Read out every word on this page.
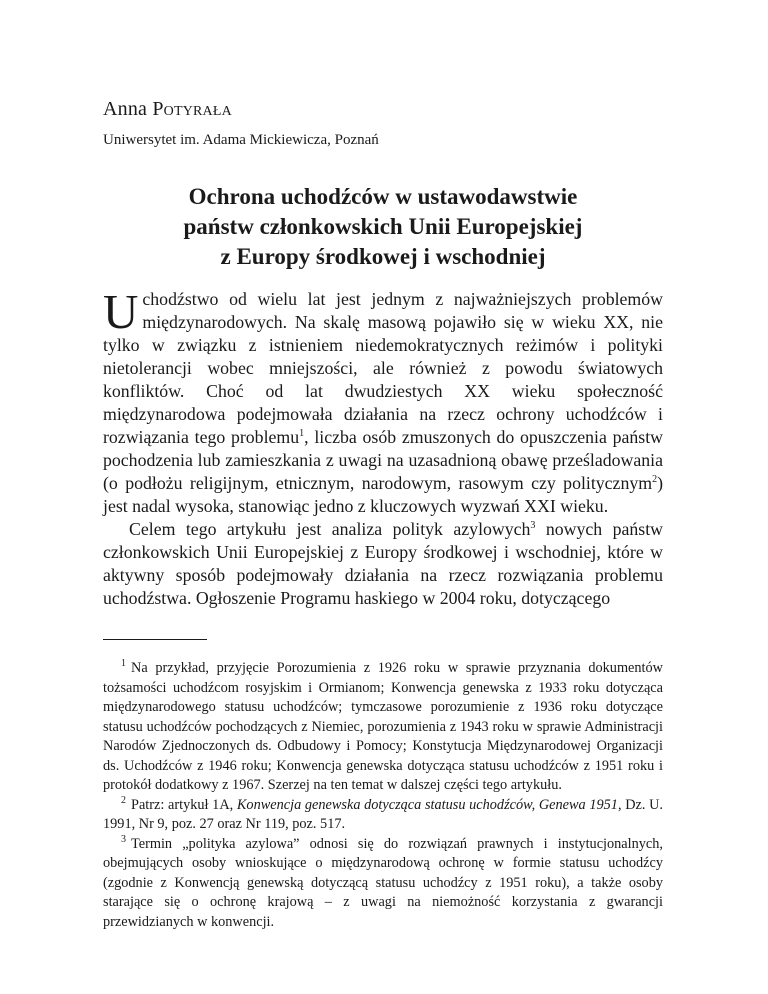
Anna Potyrała
Uniwersytet im. Adama Mickiewicza, Poznań
Ochrona uchodźców w ustawodawstwie
państw członkowskich Unii Europejskiej
z Europy środkowej i wschodniej

Uchodźstwo od wielu lat jest jednym z najważniejszych problemów międzynarodowych. Na skalę masową pojawiło się w wieku XX, nie tylko w związku z istnieniem niedemokratycznych reżimów i polityki nietolerancji wobec mniejszości, ale również z powodu światowych konfliktów. Choć od lat dwudziestych XX wieku społeczność międzynarodowa podejmowała działania na rzecz ochrony uchodźców i rozwiązania tego problemu$^1$, liczba osób zmuszonych do opuszczenia państw pochodzenia lub zamieszkania z uwagi na uzasadnioną obawę prześladowania (o podłożu religijnym, etnicznym, narodowym, rasowym czy politycznym$^2$) jest nadal wysoka, stanowiąc jedno z kluczowych wyzwań XXI wieku.

Celem tego artykułu jest analiza polityk azylowych$^3$ nowych państw członkowskich Unii Europejskiej z Europy środkowej i wschodniej, które w aktywny sposób podejmowały działania na rzecz rozwiązania problemu uchodźstwa. Ogłoszenie Programu haskiego w 2004 roku, dotyczącego

$^1$ Na przykład, przyjęcie Porozumienia z 1926 roku w sprawie przyznania dokumentów tożsamości uchodźcom rosyjskim i Ormianom; Konwencja genewska z 1933 roku dotycząca międzynarodowego statusu uchodźców; tymczasowe porozumienie z 1936 roku dotyczące statusu uchodźców pochodzących z Niemiec, porozumienia z 1943 roku w sprawie Administracji Narodów Zjednoczonych ds. Odbudowy i Pomocy; Konstytucja Międzynarodowej Organizacji ds. Uchodźców z 1946 roku; Konwencja genewska dotycząca statusu uchodźców z 1951 roku i protokół dodatkowy z 1967. Szerzej na ten temat w dalszej części tego artykułu.

$^2$ Patrz: artykuł 1A, Konwencja genewska dotycząca statusu uchodźców, Genewa 1951, Dz. U. 1991, Nr 9, poz. 27 oraz Nr 119, poz. 517.

$^3$ Termin „polityka azylowa” odnosi się do rozwiązań prawnych i instytucjonalnych, obejmujących osoby wnioskujące o międzynarodową ochronę w formie statusu uchodźcy (zgodnie z Konwencją genewską dotyczącą statusu uchodźcy z 1951 roku), a także osoby starające się o ochronę krajową – z uwagi na niemożność korzystania z gwarancji przewidzianych w konwencji.
